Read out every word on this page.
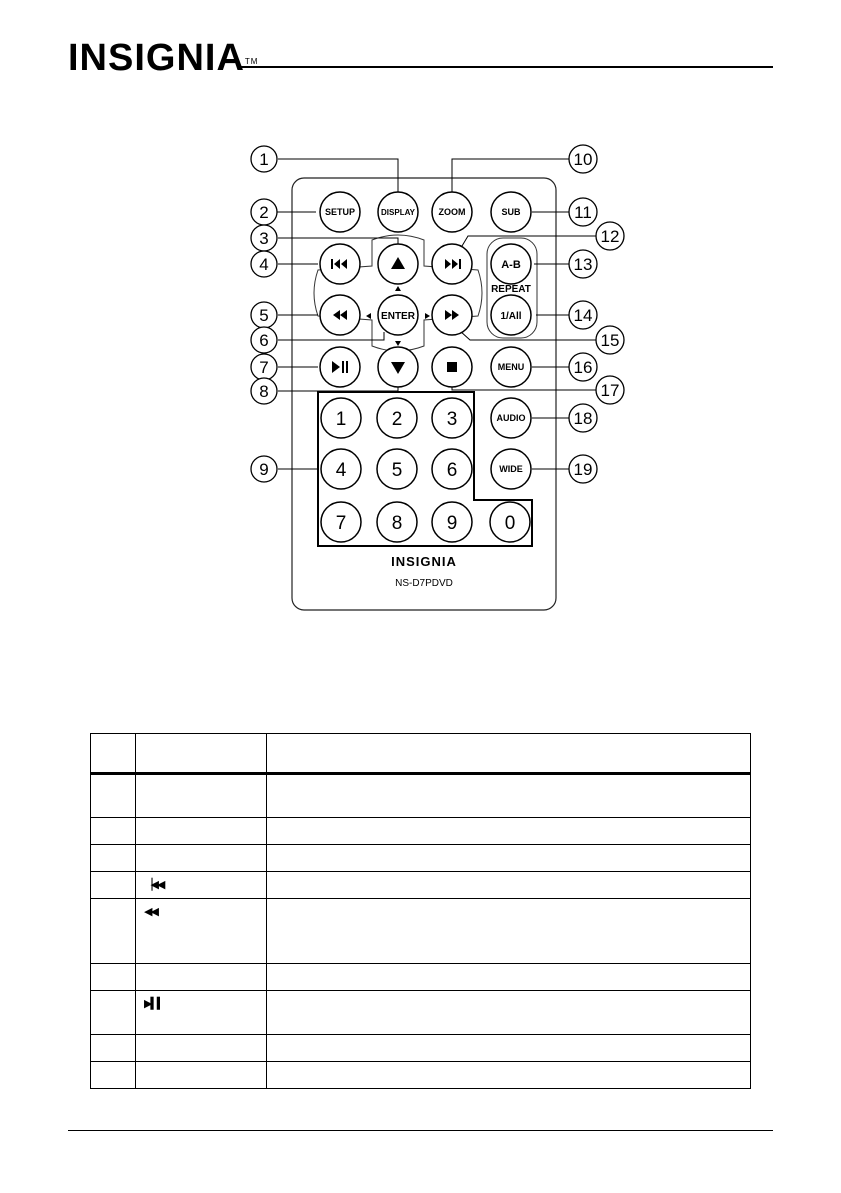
INSIGNIA™
REPEAT
1
2
3
4
5
6
7
8
9
10
11
12
13
14
15
16
17
18
19
SETUP	DISPLAY	ZOOM	SUB
A-B
ENTER	1/All
MENU
AUDIO
WIDE
1 2 3
4 5 6
7 8 9 0
INSIGNIA
NS-D7PDVD

	▕◀◀	
	◀◀	

	▶▍▍	
